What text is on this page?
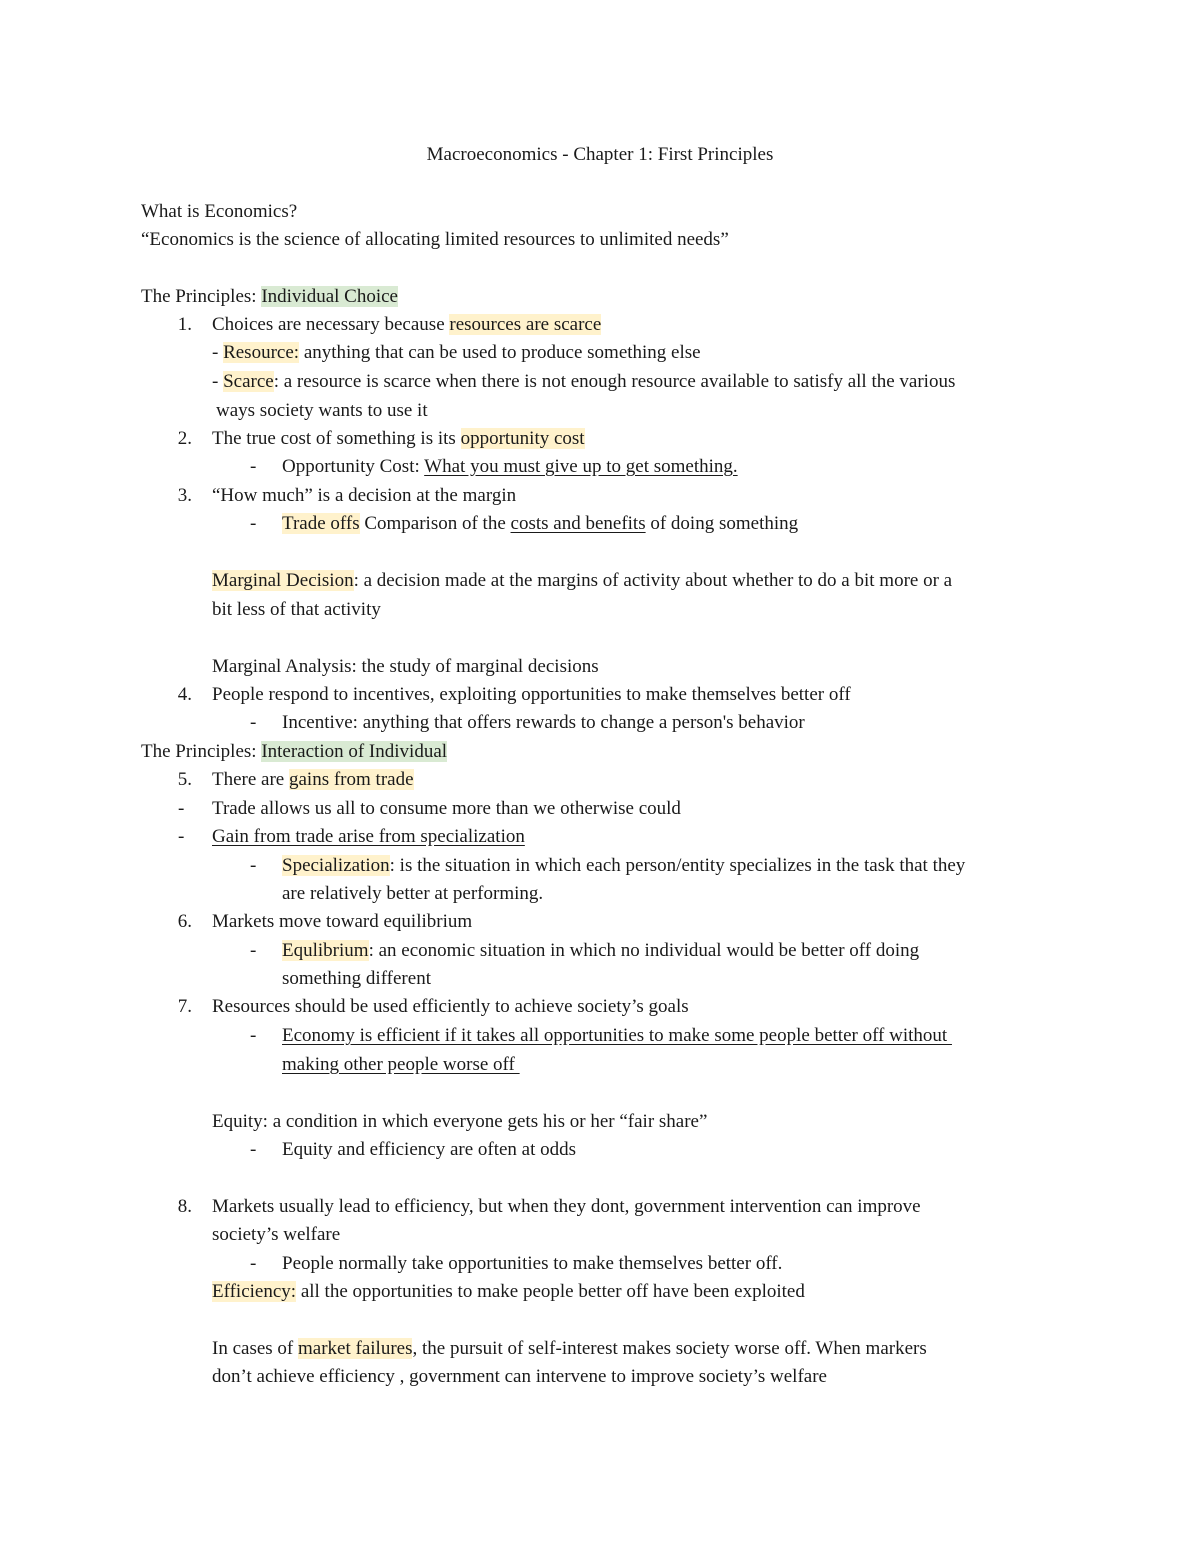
Macroeconomics - Chapter 1: First Principles
What is Economics?
“Economics is the science of allocating limited resources to unlimited needs”
The Principles: Individual Choice
1. Choices are necessary because resources are scarce
- Resource: anything that can be used to produce something else
- Scarce: a resource is scarce when there is not enough resource available to satisfy all the various
ways society wants to use it
2. The true cost of something is its opportunity cost
- Opportunity Cost: What you must give up to get something.
3. “How much” is a decision at the margin
- Trade offs Comparison of the costs and benefits of doing something
Marginal Decision: a decision made at the margins of activity about whether to do a bit more or a
bit less of that activity
Marginal Analysis: the study of marginal decisions
4. People respond to incentives, exploiting opportunities to make themselves better off
- Incentive: anything that offers rewards to change a person's behavior
The Principles: Interaction of Individual
5. There are gains from trade
- Trade allows us all to consume more than we otherwise could
- Gain from trade arise from specialization
- Specialization: is the situation in which each person/entity specializes in the task that they
are relatively better at performing.
6. Markets move toward equilibrium
- Equlibrium: an economic situation in which no individual would be better off doing
something different
7. Resources should be used efficiently to achieve society’s goals
- Economy is efficient if it takes all opportunities to make some people better off without
making other people worse off
Equity: a condition in which everyone gets his or her “fair share”
- Equity and efficiency are often at odds
8. Markets usually lead to efficiency, but when they dont, government intervention can improve
society’s welfare
- People normally take opportunities to make themselves better off.
Efficiency: all the opportunities to make people better off have been exploited
In cases of market failures, the pursuit of self-interest makes society worse off. When markers
don’t achieve efficiency , government can intervene to improve society’s welfare
